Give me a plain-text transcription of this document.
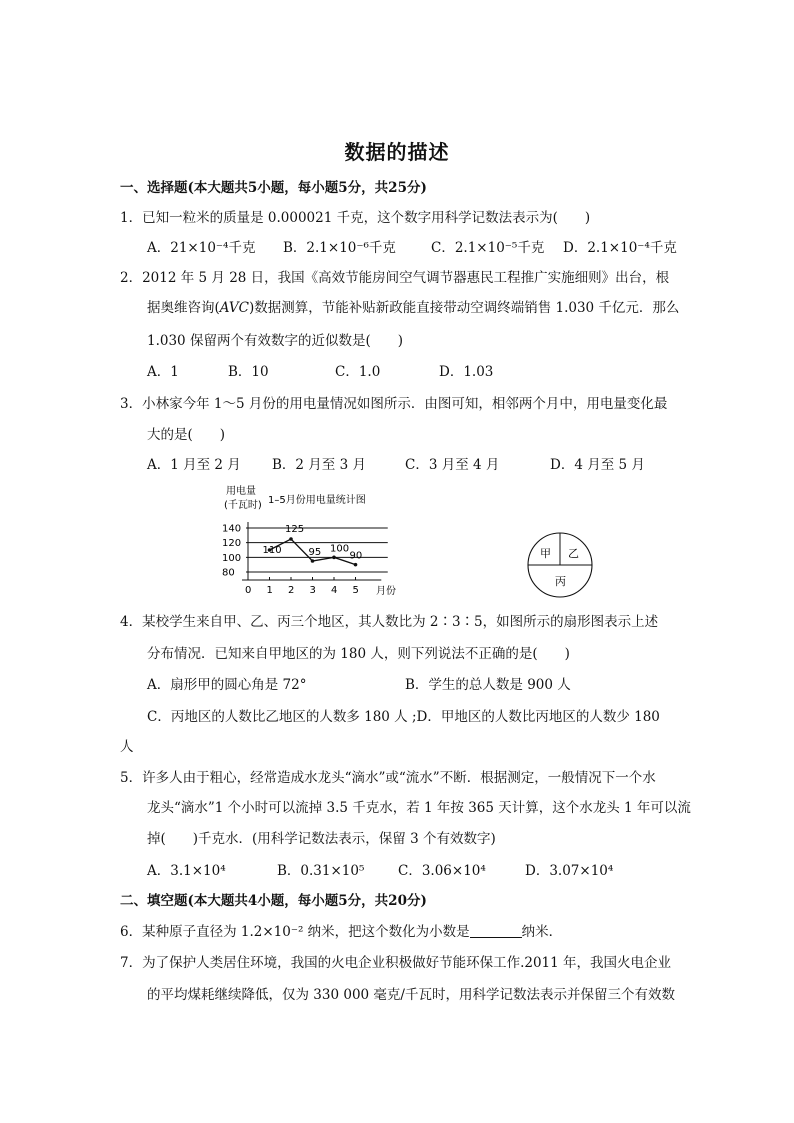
数据的描述
一、选择题(本大题共5小题，每小题5分，共25分)
1．已知一粒米的质量是 0.000021 千克，这个数字用科学记数法表示为(　　)
A．21×10⁻⁴千克 B．2.1×10⁻⁶千克	C．2.1×10⁻⁵千克 D．2.1×10⁻⁴千克
2．2012 年 5 月 28 日，我国《高效节能房间空气调节器惠民工程推广实施细则》出台，根
据奥维咨询(AVC)数据测算，节能补贴新政能直接带动空调终端销售 1.030 千亿元．那么
1.030 保留两个有效数字的近似数是(　　)
A．1	B．10	C．1.0	D．1.03
3．小林家今年 1～5 月份的用电量情况如图所示．由图可知，相邻两个月中，用电量变化最
大的是(　　)
A．1 月至 2 月 B．2 月至 3 月	C．3 月至 4 月	D．4 月至 5 月
用电量
(千瓦时) 1–5月份用电量统计图
80
100
120
140
0 1 2 3 4 5
110
125
95 100
90
月份
甲 乙
丙
4．某校学生来自甲、乙、丙三个地区，其人数比为 2∶3∶5，如图所示的扇形图表示上述
分布情况．已知来自甲地区的为 180 人，则下列说法不正确的是(　　)
A．扇形甲的圆心角是 72°	B．学生的总人数是 900 人
C．丙地区的人数比乙地区的人数多 180 人 ;D．甲地区的人数比丙地区的人数少 180
人
5．许多人由于粗心，经常造成水龙头“滴水”或“流水”不断．根据测定，一般情况下一个水
龙头“滴水”1 个小时可以流掉 3.5 千克水，若 1 年按 365 天计算，这个水龙头 1 年可以流
掉(　　)千克水．(用科学记数法表示，保留 3 个有效数字)
A．3.1×10⁴	B．0.31×10⁵ C．3.06×10⁴	D．3.07×10⁴
二、填空题(本大题共4小题，每小题5分，共20分)
6．某种原子直径为 1.2×10⁻² 纳米，把这个数化为小数是	纳米．
7．为了保护人类居住环境，我国的火电企业积极做好节能环保工作.2011 年，我国火电企业
的平均煤耗继续降低，仅为 330 000 毫克/千瓦时，用科学记数法表示并保留三个有效数
